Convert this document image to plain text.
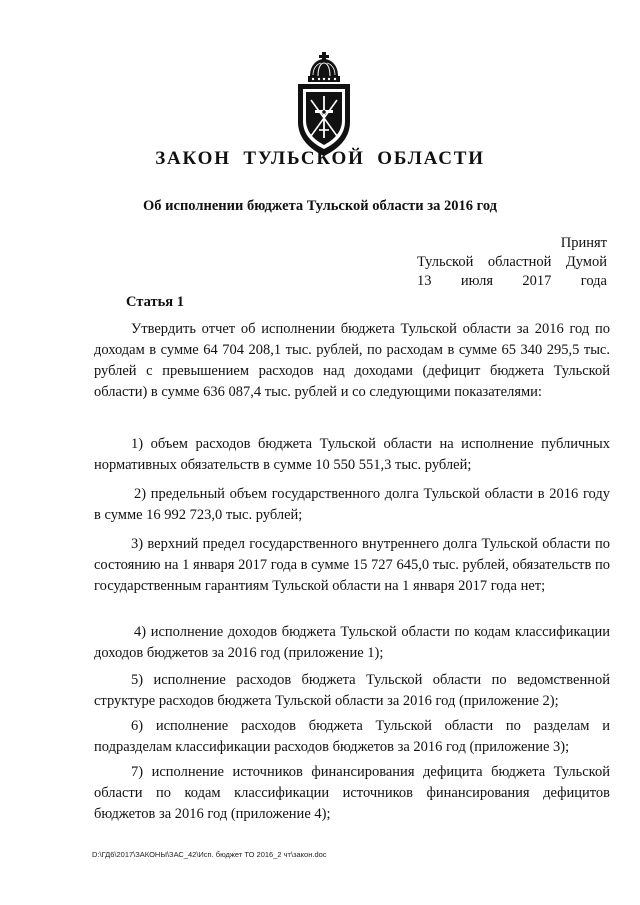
ЗАКОН ТУЛЬСКОЙ ОБЛАСТИ
Об исполнении бюджета Тульской области за 2016 год
Принят
Тульской областной Думой
13 июля 2017 года
Статья 1
Утвердить отчет об исполнении бюджета Тульской области за 2016 год по доходам в сумме 64 704 208,1 тыс. рублей, по расходам в сумме 65 340 295,5 тыс. рублей с превышением расходов над доходами (дефицит бюджета Тульской области) в сумме 636 087,4 тыс. рублей и со следующими показателями:
1) объем расходов бюджета Тульской области на исполнение публичных нормативных обязательств в сумме 10 550 551,3 тыс. рублей;
2) предельный объем государственного долга Тульской области в 2016 году в сумме 16 992 723,0 тыс. рублей;
3) верхний предел государственного внутреннего долга Тульской области по состоянию на 1 января 2017 года в сумме 15 727 645,0 тыс. рублей, обязательств по государственным гарантиям Тульской области на 1 января 2017 года нет;
4) исполнение доходов бюджета Тульской области по кодам классификации доходов бюджетов за 2016 год (приложение 1);
5) исполнение расходов бюджета Тульской области по ведомственной структуре расходов бюджета Тульской области за 2016 год (приложение 2);
6) исполнение расходов бюджета Тульской области по разделам и подразделам классификации расходов бюджетов за 2016 год (приложение 3);
7) исполнение источников финансирования дефицита бюджета Тульской области по кодам классификации источников финансирования дефицитов бюджетов за 2016 год (приложение 4);
D:\ГД6\2017\ЗАКОНЫ\ЗАС_42\Исп. бюджет ТО 2016_2 чт\закон.doc
